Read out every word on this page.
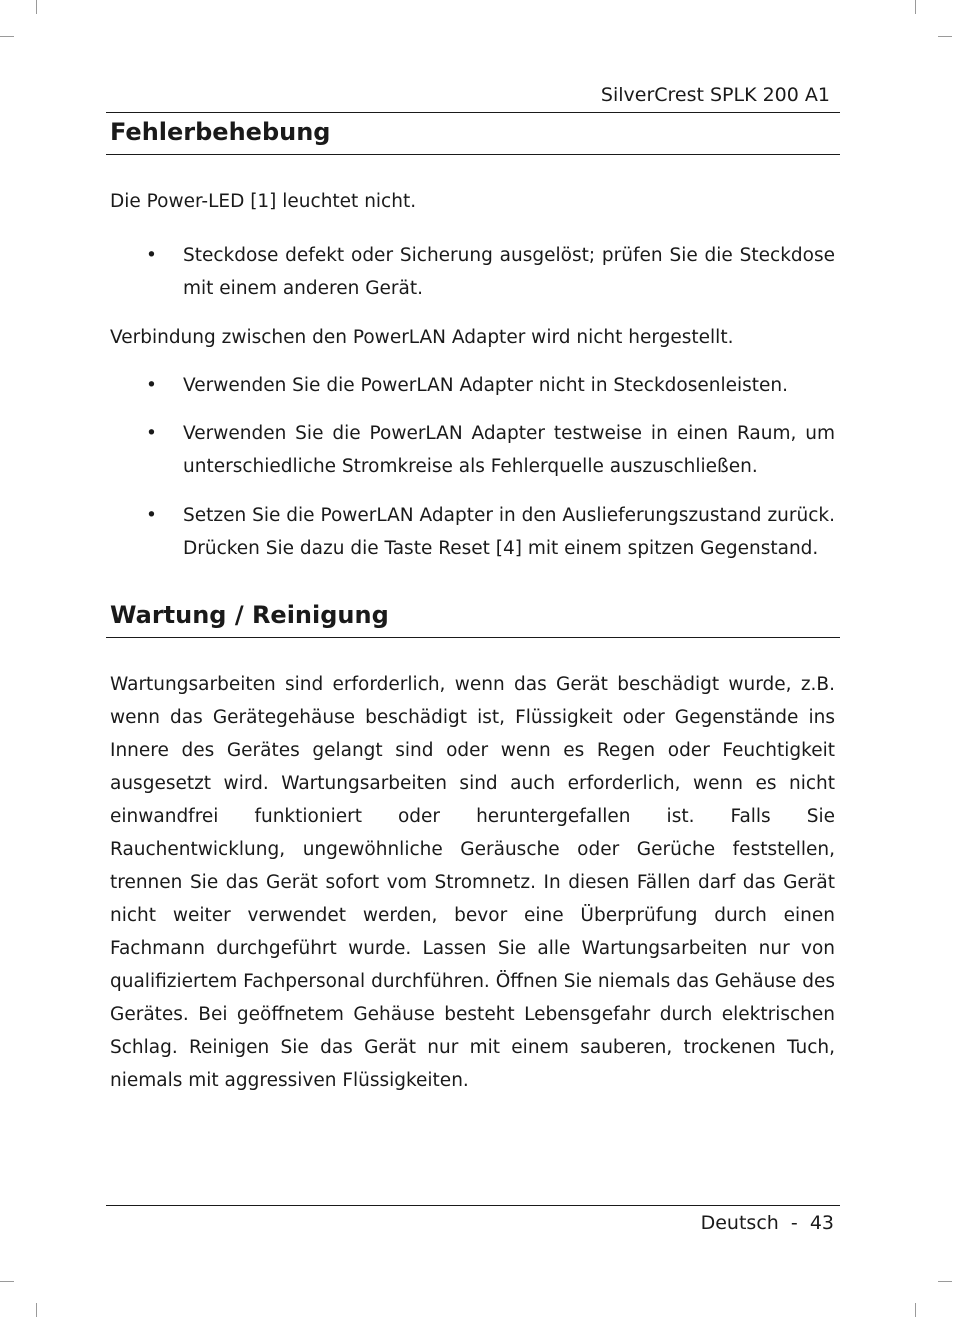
SilverCrest SPLK 200 A1
Fehlerbehebung
Die Power-LED [1] leuchtet nicht.
•	Steckdose defekt oder Sicherung ausgelöst; prüfen Sie die Steckdose mit einem anderen Gerät.
Verbindung zwischen den PowerLAN Adapter wird nicht hergestellt.
•	Verwenden Sie die PowerLAN Adapter nicht in Steckdosenleisten.
•	Verwenden Sie die PowerLAN Adapter testweise in einen Raum, um unterschiedliche Stromkreise als Fehlerquelle auszuschließen.
•	Setzen Sie die PowerLAN Adapter in den Auslieferungszustand zurück. Drücken Sie dazu die Taste Reset [4] mit einem spitzen Gegenstand.
Wartung / Reinigung
Wartungsarbeiten sind erforderlich, wenn das Gerät beschädigt wurde, z.B. wenn das Gerätegehäuse beschädigt ist, Flüssigkeit oder Gegenstände ins Innere des Gerätes gelangt sind oder wenn es Regen oder Feuchtigkeit ausgesetzt wird. Wartungsarbeiten sind auch erforderlich, wenn es nicht einwandfrei funktioniert oder heruntergefallen ist. Falls Sie Rauchentwicklung, ungewöhnliche Geräusche oder Gerüche feststellen, trennen Sie das Gerät sofort vom Stromnetz. In diesen Fällen darf das Gerät nicht weiter verwendet werden, bevor eine Überprüfung durch einen Fachmann durchgeführt wurde. Lassen Sie alle Wartungsarbeiten nur von qualifiziertem Fachpersonal durchführen. Öffnen Sie niemals das Gehäuse des Gerätes. Bei geöffnetem Gehäuse besteht Lebensgefahr durch elektrischen Schlag. Reinigen Sie das Gerät nur mit einem sauberen, trockenen Tuch, niemals mit aggressiven Flüssigkeiten.
Deutsch  -  43
